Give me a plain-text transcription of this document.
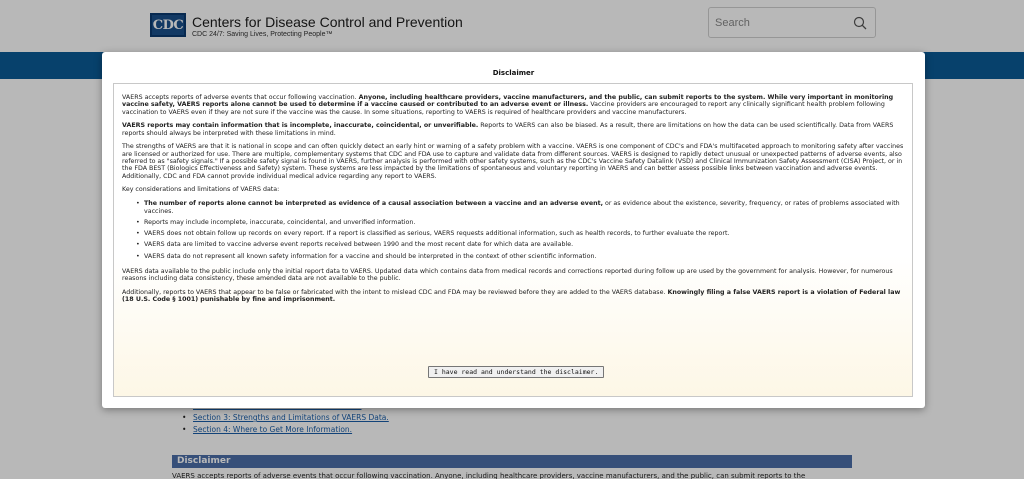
CDC Centers for Disease Control and Prevention
CDC 24/7: Saving Lives, Protecting People™
Search
•
• Section 3: Strengths and Limitations of VAERS Data.
• Section 4: Where to Get More Information.
Disclaimer
VAERS accepts reports of adverse events that occur following vaccination. Anyone, including healthcare providers, vaccine manufacturers, and the public, can submit reports to the
Disclaimer

VAERS accepts reports of adverse events that occur following vaccination. Anyone, including healthcare providers, vaccine manufacturers, and the public, can submit reports to the system. While very important in monitoring vaccine safety, VAERS reports alone cannot be used to determine if a vaccine caused or contributed to an adverse event or illness. Vaccine providers are encouraged to report any clinically significant health problem following vaccination to VAERS even if they are not sure if the vaccine was the cause. In some situations, reporting to VAERS is required of healthcare providers and vaccine manufacturers.

VAERS reports may contain information that is incomplete, inaccurate, coincidental, or unverifiable. Reports to VAERS can also be biased. As a result, there are limitations on how the data can be used scientifically. Data from VAERS reports should always be interpreted with these limitations in mind.

The strengths of VAERS are that it is national in scope and can often quickly detect an early hint or warning of a safety problem with a vaccine. VAERS is one component of CDC's and FDA's multifaceted approach to monitoring safety after vaccines are licensed or authorized for use. There are multiple, complementary systems that CDC and FDA use to capture and validate data from different sources. VAERS is designed to rapidly detect unusual or unexpected patterns of adverse events, also referred to as "safety signals." If a possible safety signal is found in VAERS, further analysis is performed with other safety systems, such as the CDC's Vaccine Safety Datalink (VSD) and Clinical Immunization Safety Assessment (CISA) Project, or in the FDA BEST (Biologics Effectiveness and Safety) system. These systems are less impacted by the limitations of spontaneous and voluntary reporting in VAERS and can better assess possible links between vaccination and adverse events. Additionally, CDC and FDA cannot provide individual medical advice regarding any report to VAERS.

Key considerations and limitations of VAERS data:

• The number of reports alone cannot be interpreted as evidence of a causal association between a vaccine and an adverse event, or as evidence about the existence, severity, frequency, or rates of problems associated with vaccines.
• Reports may include incomplete, inaccurate, coincidental, and unverified information.
• VAERS does not obtain follow up records on every report. If a report is classified as serious, VAERS requests additional information, such as health records, to further evaluate the report.
• VAERS data are limited to vaccine adverse event reports received between 1990 and the most recent date for which data are available.
• VAERS data do not represent all known safety information for a vaccine and should be interpreted in the context of other scientific information.

VAERS data available to the public include only the initial report data to VAERS. Updated data which contains data from medical records and corrections reported during follow up are used by the government for analysis. However, for numerous reasons including data consistency, these amended data are not available to the public.

Additionally, reports to VAERS that appear to be false or fabricated with the intent to mislead CDC and FDA may be reviewed before they are added to the VAERS database. Knowingly filing a false VAERS report is a violation of Federal law (18 U.S. Code § 1001) punishable by fine and imprisonment.

I have read and understand the disclaimer.
